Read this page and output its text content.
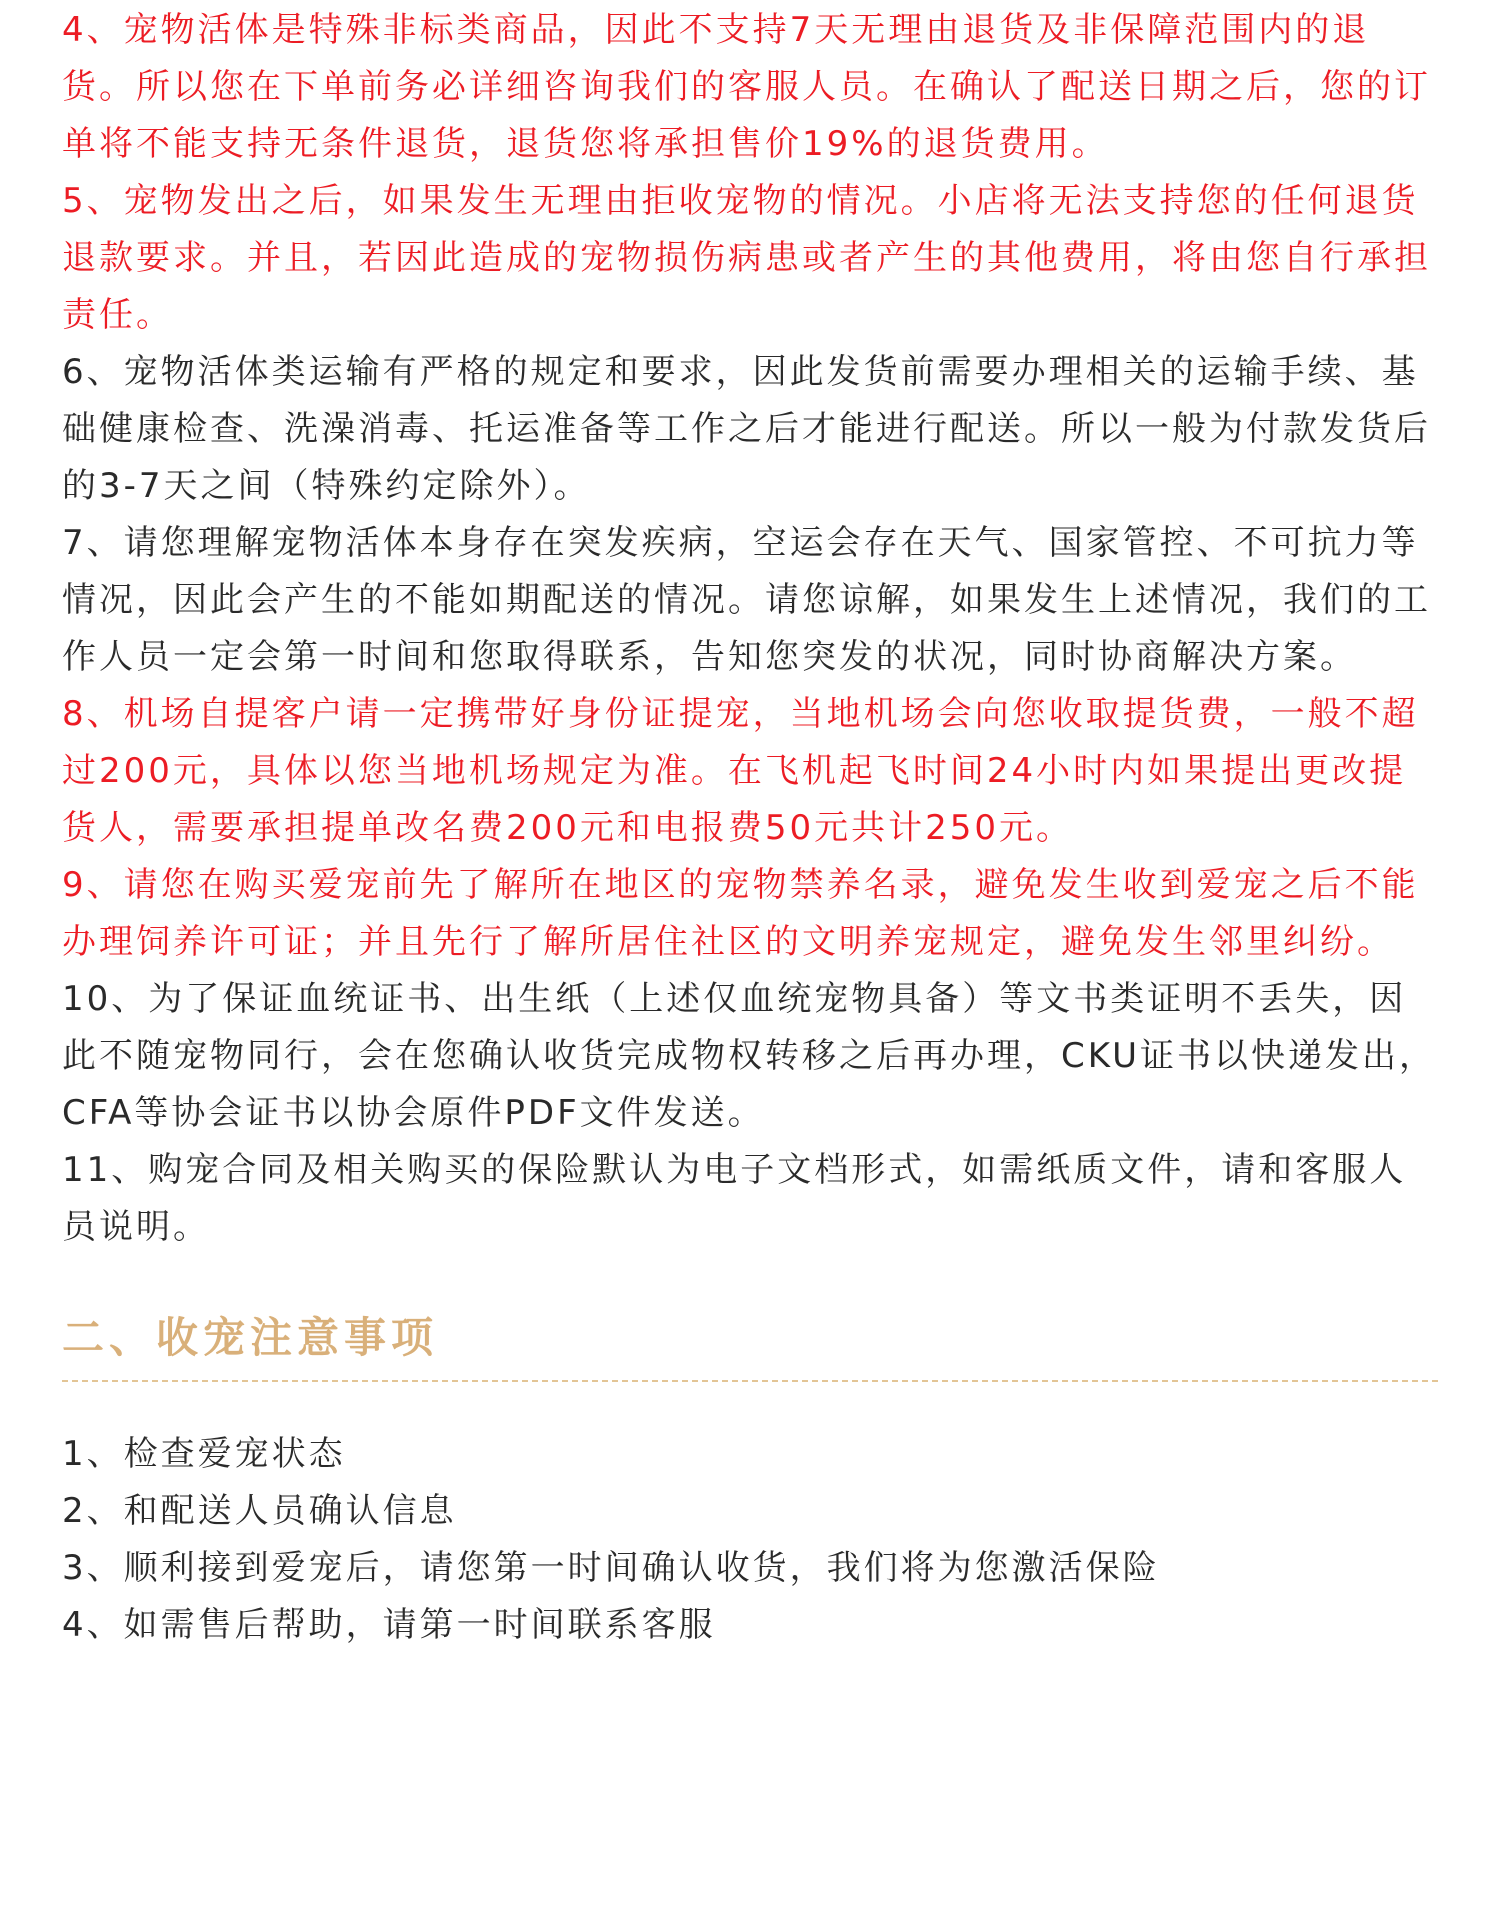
4、宠物活体是特殊非标类商品，因此不支持7天无理由退货及非保障范围内的退货。所以您在下单前务必详细咨询我们的客服人员。在确认了配送日期之后，您的订单将不能支持无条件退货，退货您将承担售价19%的退货费用。

5、宠物发出之后，如果发生无理由拒收宠物的情况。小店将无法支持您的任何退货退款要求。并且，若因此造成的宠物损伤病患或者产生的其他费用，将由您自行承担责任。

6、宠物活体类运输有严格的规定和要求，因此发货前需要办理相关的运输手续、基础健康检查、洗澡消毒、托运准备等工作之后才能进行配送。所以一般为付款发货后的3-7天之间（特殊约定除外）。

7、请您理解宠物活体本身存在突发疾病，空运会存在天气、国家管控、不可抗力等情况，因此会产生的不能如期配送的情况。请您谅解，如果发生上述情况，我们的工作人员一定会第一时间和您取得联系，告知您突发的状况，同时协商解决方案。

8、机场自提客户请一定携带好身份证提宠，当地机场会向您收取提货费，一般不超过200元，具体以您当地机场规定为准。在飞机起飞时间24小时内如果提出更改提货人，需要承担提单改名费200元和电报费50元共计250元。

9、请您在购买爱宠前先了解所在地区的宠物禁养名录，避免发生收到爱宠之后不能办理饲养许可证；并且先行了解所居住社区的文明养宠规定，避免发生邻里纠纷。

10、为了保证血统证书、出生纸（上述仅血统宠物具备）等文书类证明不丢失，因此不随宠物同行，会在您确认收货完成物权转移之后再办理，CKU证书以快递发出，CFA等协会证书以协会原件PDF文件发送。

11、购宠合同及相关购买的保险默认为电子文档形式，如需纸质文件，请和客服人员说明。

二、收宠注意事项

1、检查爱宠状态

2、和配送人员确认信息

3、顺利接到爱宠后，请您第一时间确认收货，我们将为您激活保险

4、如需售后帮助，请第一时间联系客服
